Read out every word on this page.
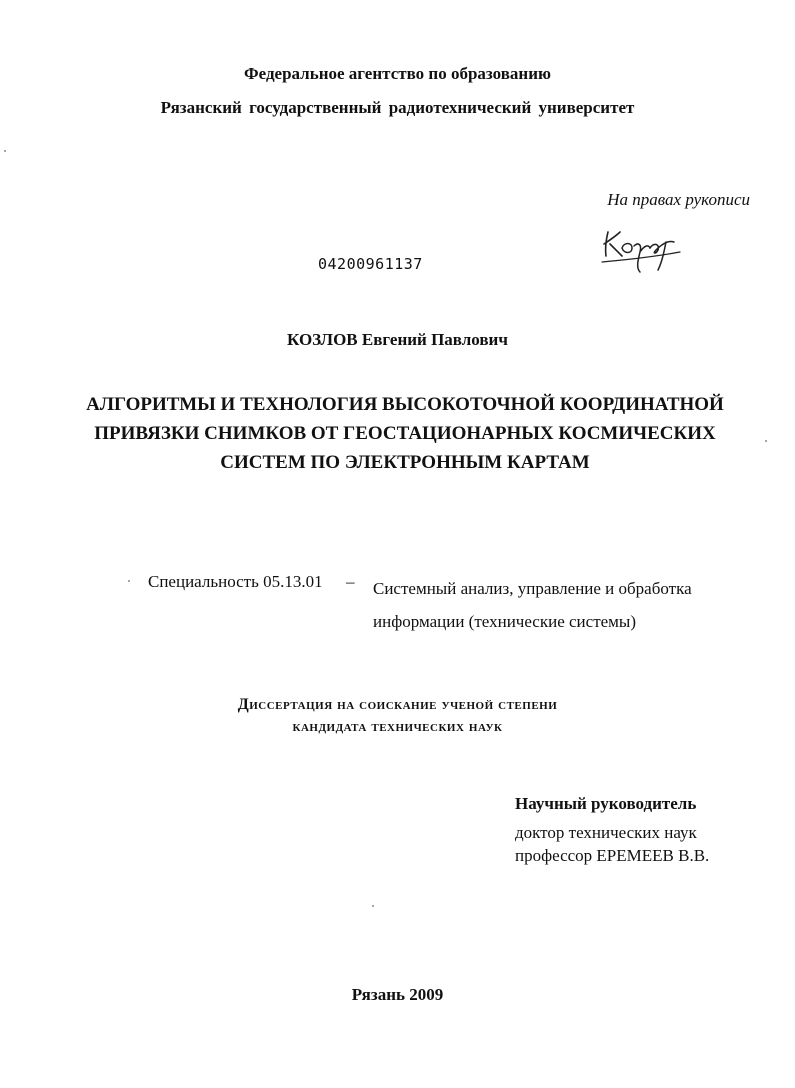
Федеральное агентство по образованию
Рязанский государственный радиотехнический университет
На правах рукописи
04200961137
КОЗЛОВ Евгений Павлович
АЛГОРИТМЫ И ТЕХНОЛОГИЯ ВЫСОКОТОЧНОЙ КООРДИНАТНОЙ
ПРИВЯЗКИ СНИМКОВ ОТ ГЕОСТАЦИОНАРНЫХ КОСМИЧЕСКИХ
СИСТЕМ ПО ЭЛЕКТРОННЫМ КАРТАМ
Специальность 05.13.01 – Системный анализ, управление и обработка
информации (технические системы)
Диссертация на соискание ученой степени
кандидата технических наук
Научный руководитель
доктор технических наук
профессор ЕРЕМЕЕВ В.В.
Рязань 2009
